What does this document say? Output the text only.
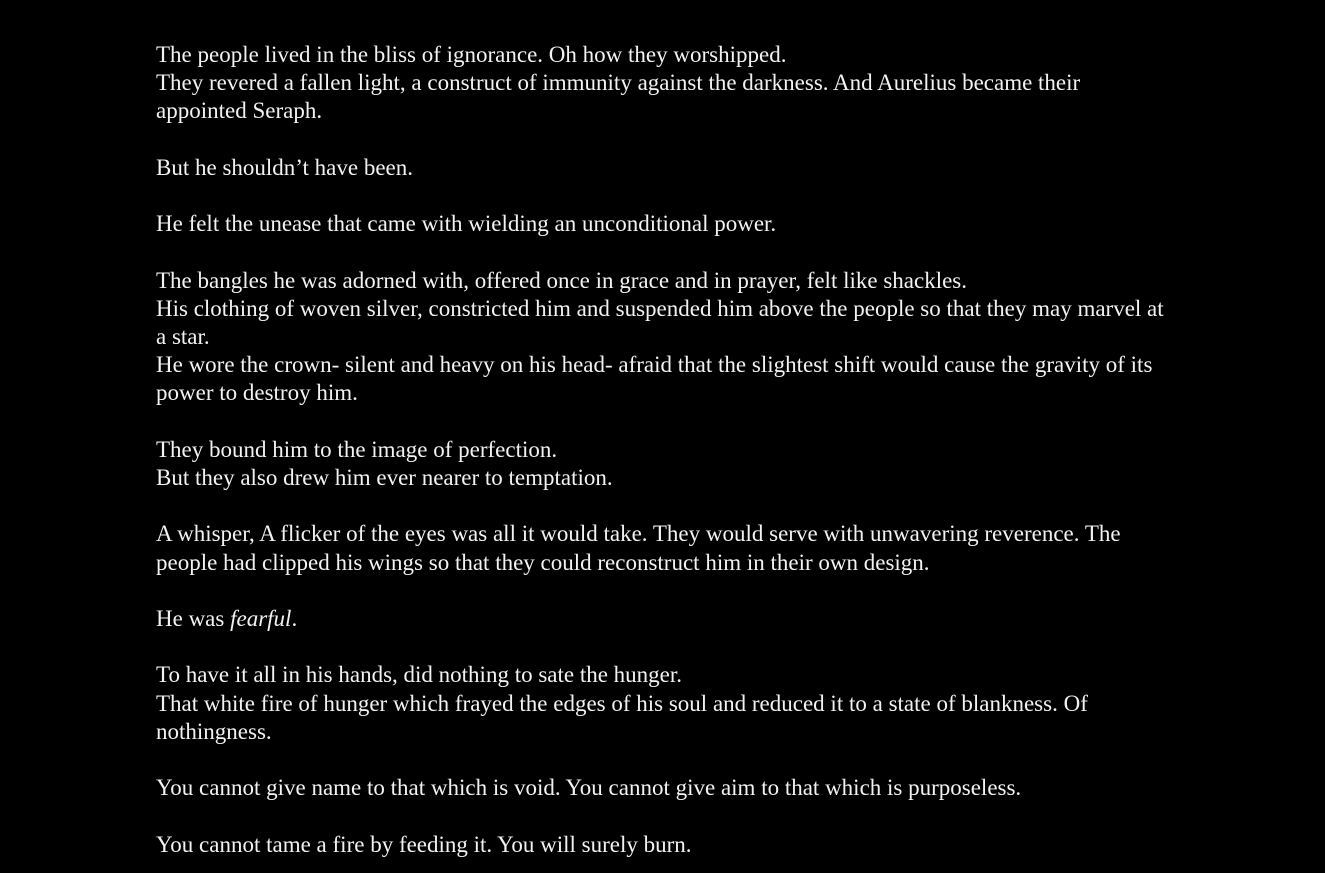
The people lived in the bliss of ignorance. Oh how they worshipped.
They revered a fallen light, a construct of immunity against the darkness. And Aurelius became their appointed Seraph.

But he shouldn’t have been.

He felt the unease that came with wielding an unconditional power.

The bangles he was adorned with, offered once in grace and in prayer, felt like shackles.
His clothing of woven silver, constricted him and suspended him above the people so that they may marvel at a star.
He wore the crown- silent and heavy on his head- afraid that the slightest shift would cause the gravity of its power to destroy him.

They bound him to the image of perfection.
But they also drew him ever nearer to temptation.

A whisper, A flicker of the eyes was all it would take. They would serve with unwavering reverence. The people had clipped his wings so that they could reconstruct him in their own design.

He was fearful.

To have it all in his hands, did nothing to sate the hunger.
That white fire of hunger which frayed the edges of his soul and reduced it to a state of blankness. Of nothingness.

You cannot give name to that which is void. You cannot give aim to that which is purposeless.

You cannot tame a fire by feeding it. You will surely burn.
